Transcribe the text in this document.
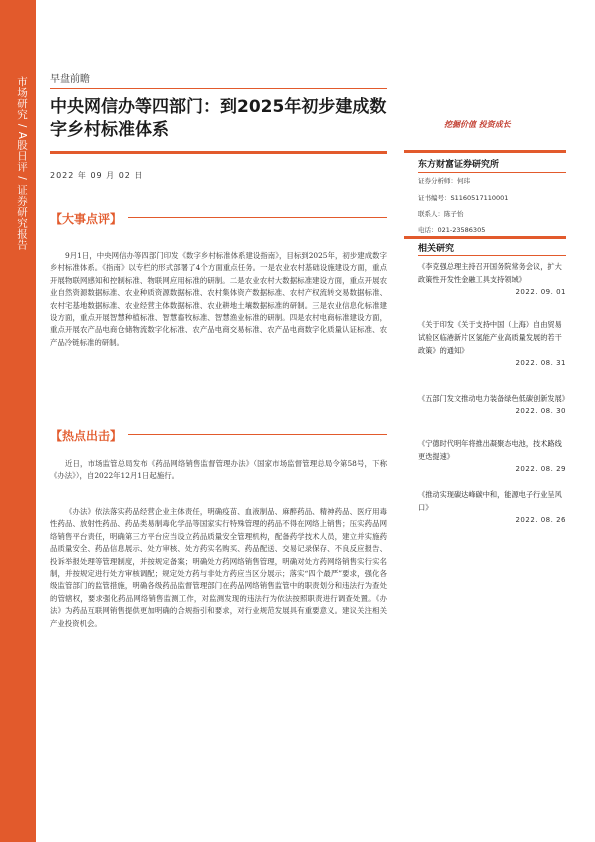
市场研究 / A股日评 / 证券研究报告 早盘前瞻
中央网信办等四部门：到2025年初步建成数字乡村标准体系
2022 年 09 月 02 日
【大事点评】

9月1日，中央网信办等四部门印发《数字乡村标准体系建设指南》，目标到2025年，初步建成数字乡村标准体系。《指南》以专栏的形式部署了4个方面重点任务。一是农业农村基础设施建设方面，重点开展物联网感知和控制标准、物联网应用标准的研制。二是农业农村大数据标准建设方面，重点开展农业自然资源数据标准、农业种质资源数据标准、农村集体资产数据标准、农村产权流转交易数据标准、农村宅基地数据标准、农业经营主体数据标准、农业耕地土壤数据标准的研制。三是农业信息化标准建设方面，重点开展智慧种植标准、智慧畜牧标准、智慧渔业标准的研制。四是农村电商标准建设方面，重点开展农产品电商仓储物流数字化标准、农产品电商交易标准、农产品电商数字化质量认证标准、农产品冷链标准的研制。

【热点出击】

近日，市场监管总局发布《药品网络销售监督管理办法》（国家市场监督管理总局令第58号，下称《办法》），自2022年12月1日起施行。

《办法》依法落实药品经营企业主体责任，明确疫苗、血液制品、麻醉药品、精神药品、医疗用毒性药品、放射性药品、药品类易制毒化学品等国家实行特殊管理的药品不得在网络上销售；压实药品网络销售平台责任，明确第三方平台应当设立药品质量安全管理机构，配备药学技术人员，建立并实施药品质量安全、药品信息展示、处方审核、处方药实名购买、药品配送、交易记录保存、不良反应报告、投诉举报处理等管理制度，并按规定备案；明确处方药网络销售管理，明确对处方药网络销售实行实名制，并按规定进行处方审核调配；规定处方药与非处方药应当区分展示；落实“四个最严”要求，强化各级监管部门的监管措施，明确各级药品监督管理部门在药品网络销售监管中的职责划分和违法行为查处的管辖权，要求强化药品网络销售监测工作，对监测发现的违法行为依法按照职责进行调查处置。《办法》为药品互联网销售提供更加明确的合规指引和要求，对行业规范发展具有重要意义。建议关注相关产业投资机会。

挖掘价值 投资成长
东方财富证券研究所
证券分析师：何玮
证书编号：S1160517110001
联系人：陈子怡
电话：021-23586305
相关研究
《李克强总理主持召开国务院常务会议，扩大政策性开发性金融工具支持领域》
2022. 09. 01
《关于印发《关于支持中国（上海）自由贸易试验区临港新片区氢能产业高质量发展的若干政策》的通知》
2022. 08. 31
《五部门发文推动电力装备绿色低碳创新发展》
2022. 08. 30
《宁德时代明年将推出凝聚态电池，技术路线更迭提速》
2022. 08. 29
《推动实现碳达峰碳中和，能源电子行业呈风口》
2022. 08. 26
